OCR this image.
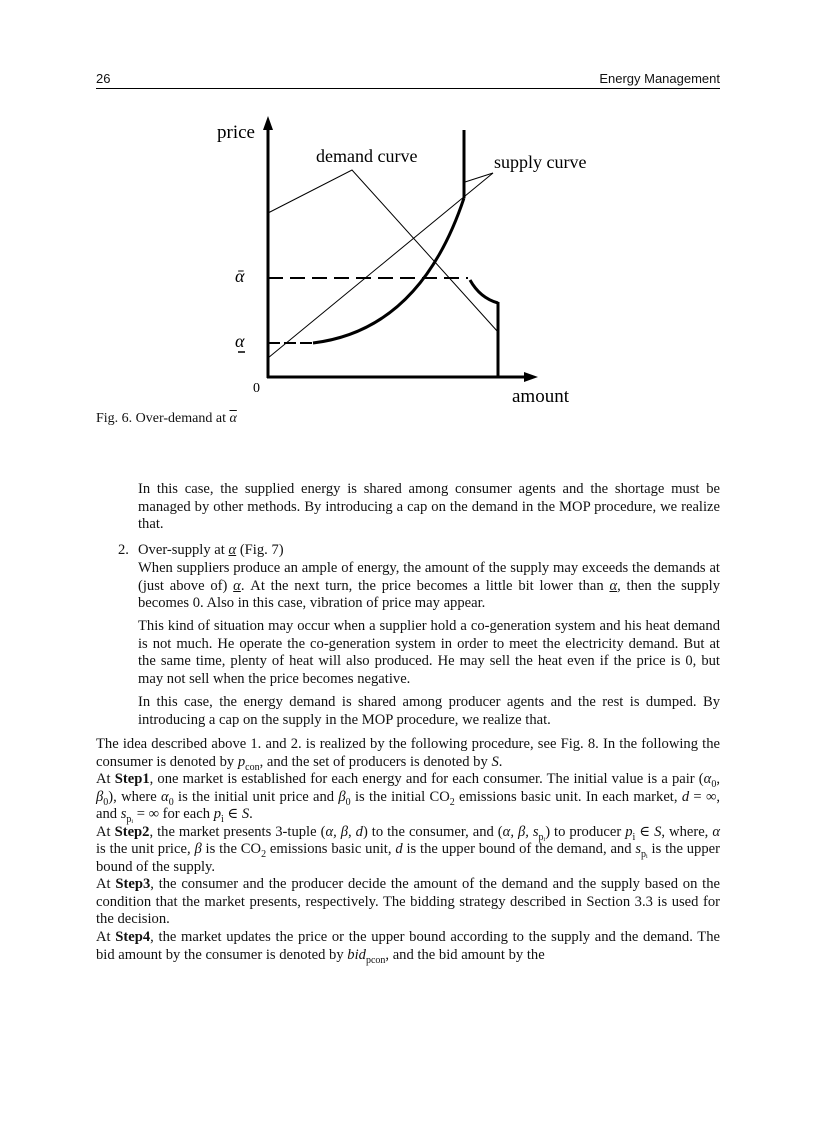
26	Energy Management
price
demand curve	supply curve
ᾱ
α
0	amount
Fig. 6. Over-demand at $\overline{\alpha}$
In this case, the supplied energy is shared among consumer agents and the shortage must be managed by other methods. By introducing a cap on the demand in the MOP procedure, we realize that.
2. Over-supply at α (Fig. 7)
When suppliers produce an ample of energy, the amount of the supply may exceeds the demands at (just above of) α. At the next turn, the price becomes a little bit lower than α, then the supply becomes 0. Also in this case, vibration of price may appear.
This kind of situation may occur when a supplier hold a co-generation system and his heat demand is not much. He operate the co-generation system in order to meet the electricity demand. But at the same time, plenty of heat will also produced. He may sell the heat even if the price is 0, but may not sell when the price becomes negative.
In this case, the energy demand is shared among producer agents and the rest is dumped. By introducing a cap on the supply in the MOP procedure, we realize that.
The idea described above 1. and 2. is realized by the following procedure, see Fig. 8. In the following the consumer is denoted by $p_{con}$, and the set of producers is denoted by S.
At Step1, one market is established for each energy and for each consumer. The initial value is a pair ($\alpha_0$, $\beta_0$), where $\alpha_0$ is the initial unit price and $\beta_0$ is the initial $CO_2$ emissions basic unit. In each market, d = ∞, and $s_{pᵢ}$ = ∞ for each $p_i$ ∈ S.
At Step2, the market presents 3-tuple (α, β, d) to the consumer, and (α, β, $s_{pᵢ}$) to producer $p_i$ ∈ S, where, α is the unit price, β is the $CO_2$ emissions basic unit, d is the upper bound of the demand, and $s_{pᵢ}$ is the upper bound of the supply.
At Step3, the consumer and the producer decide the amount of the demand and the supply based on the condition that the market presents, respectively. The bidding strategy described in Section 3.3 is used for the decision.
At Step4, the market updates the price or the upper bound according to the supply and the demand. The bid amount by the consumer is denoted by bid$_{pcon}$, and the bid amount by the
